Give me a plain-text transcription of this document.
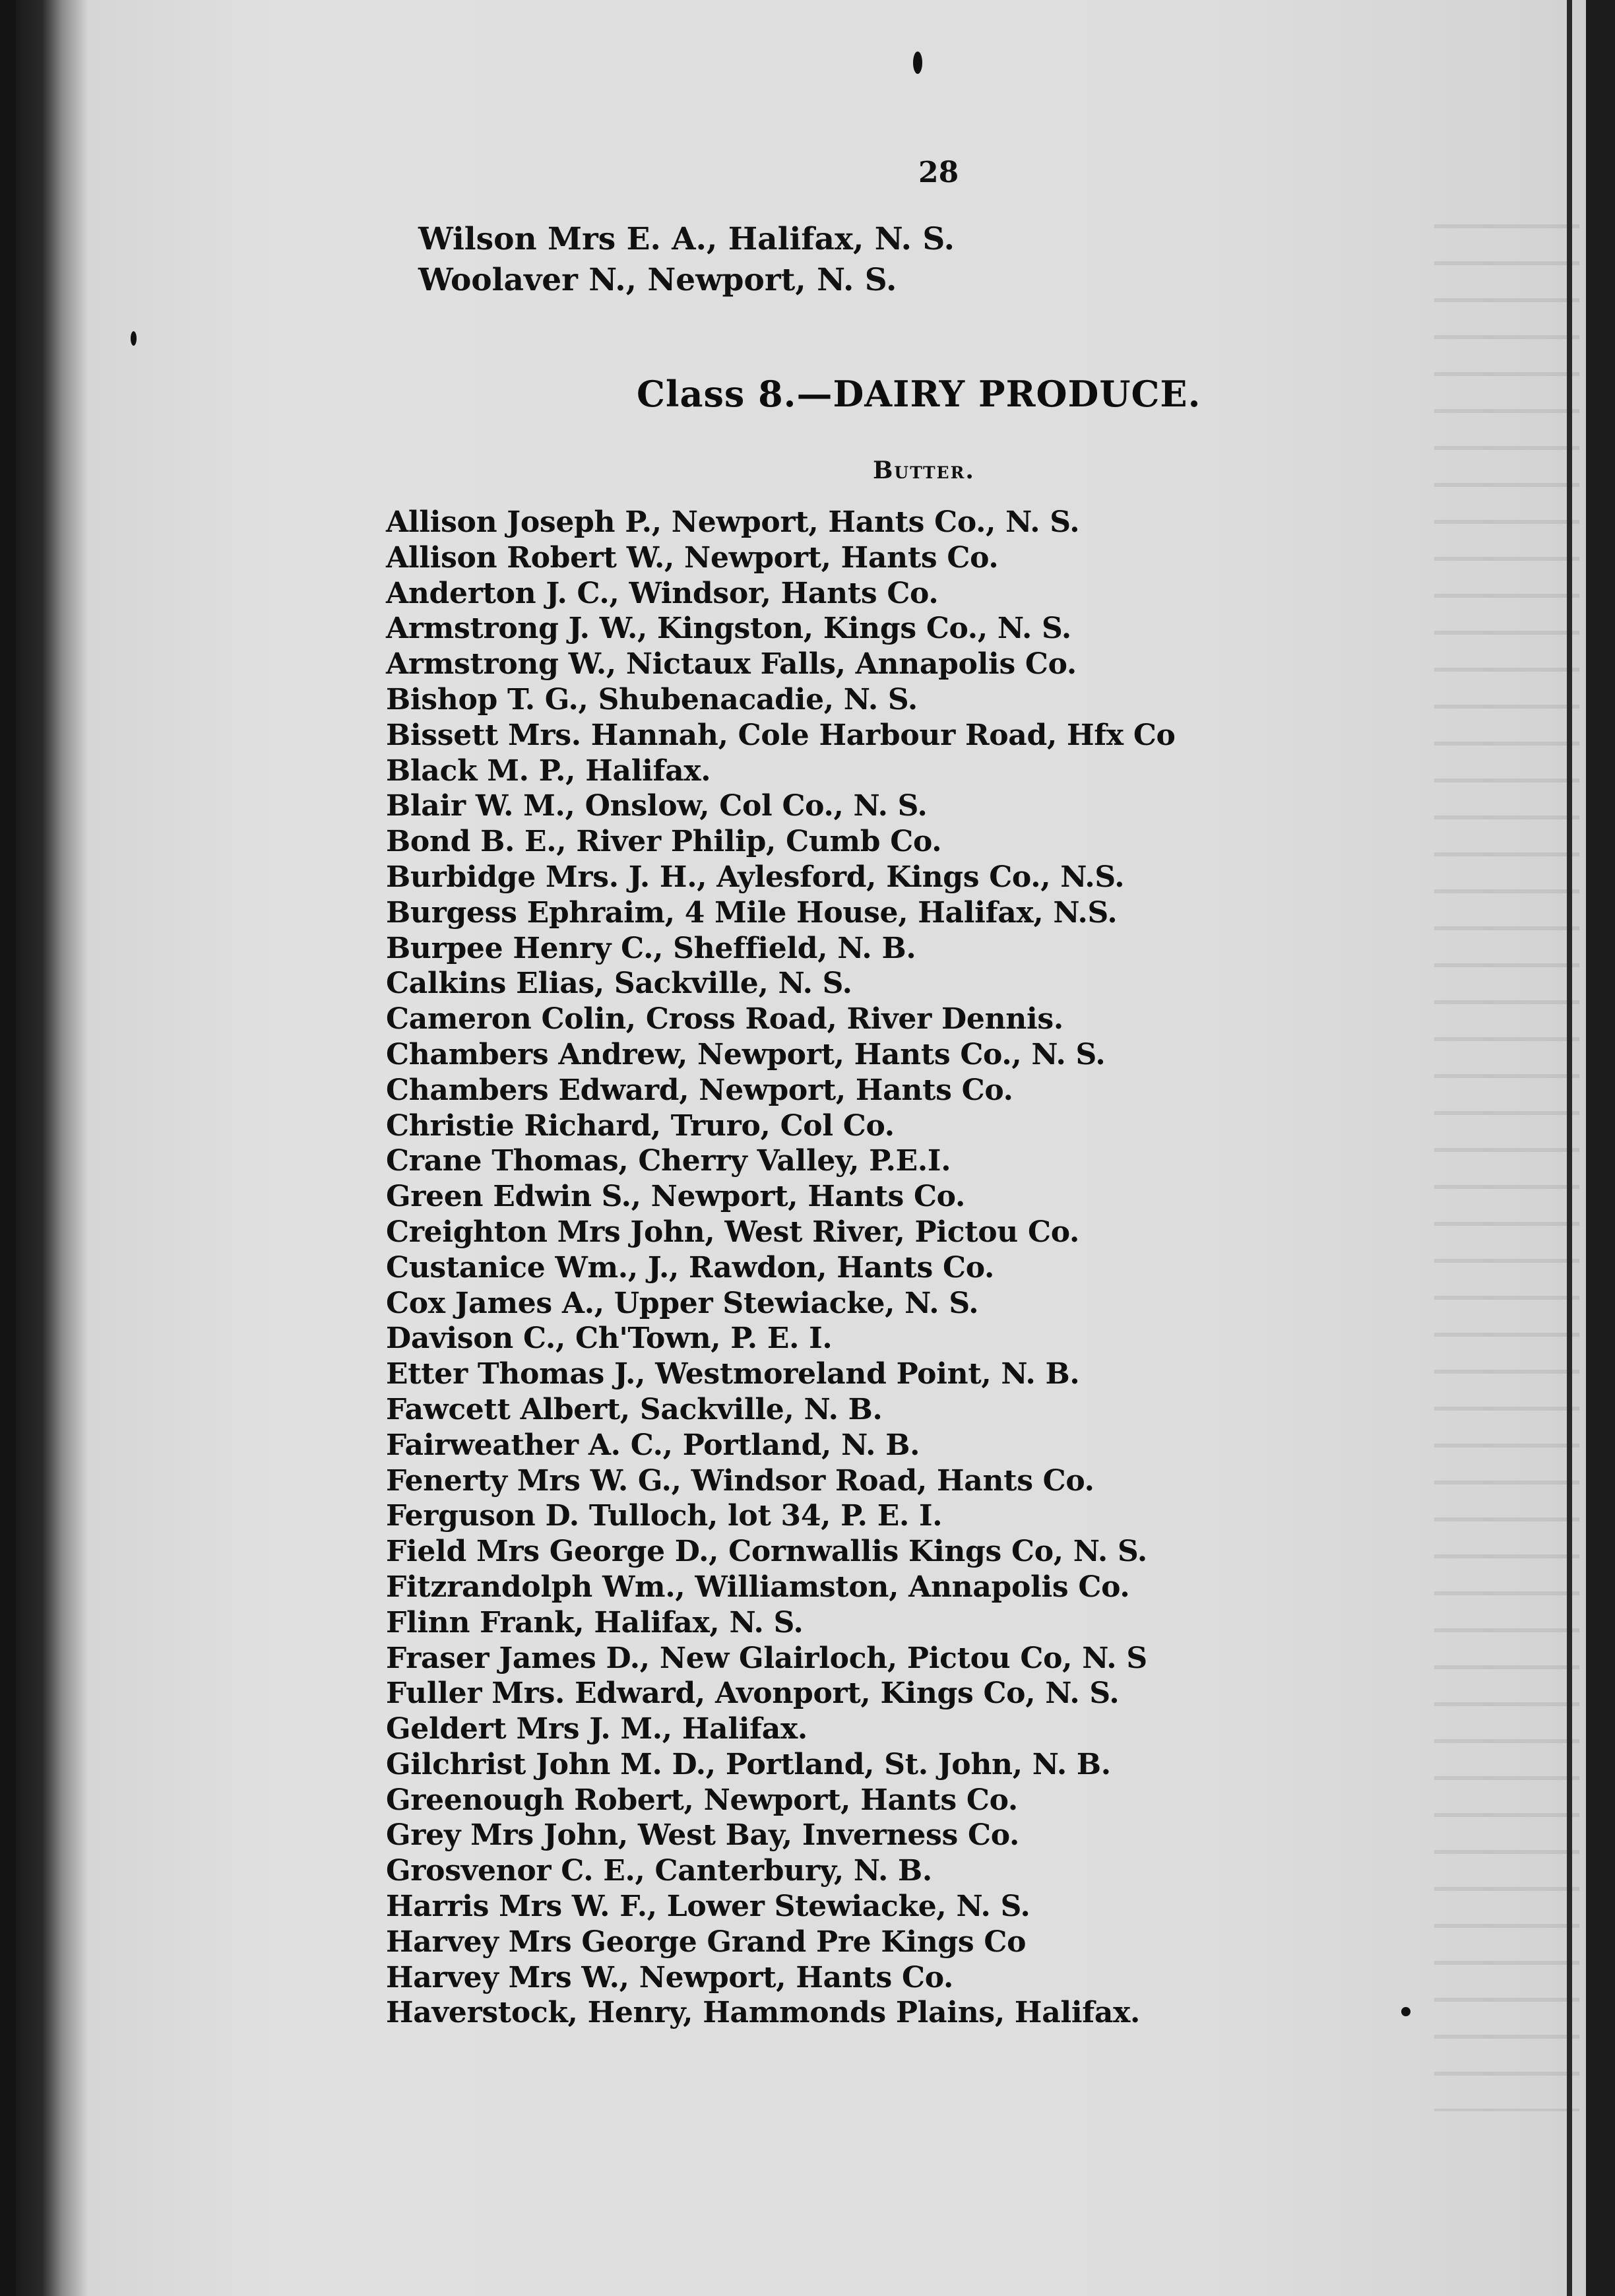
28
Wilson Mrs E. A., Halifax, N. S.
Woolaver N., Newport, N. S.
Class 8.—DAIRY PRODUCE.
Butter.
Allison Joseph P., Newport, Hants Co., N. S.
Allison Robert W., Newport, Hants Co.
Anderton J. C., Windsor, Hants Co.
Armstrong J. W., Kingston, Kings Co., N. S.
Armstrong W., Nictaux Falls, Annapolis Co.
Bishop T. G., Shubenacadie, N. S.
Bissett Mrs. Hannah, Cole Harbour Road, Hfx Co
Black M. P., Halifax.
Blair W. M., Onslow, Col Co., N. S.
Bond B. E., River Philip, Cumb Co.
Burbidge Mrs. J. H., Aylesford, Kings Co., N.S.
Burgess Ephraim, 4 Mile House, Halifax, N.S.
Burpee Henry C., Sheffield, N. B.
Calkins Elias, Sackville, N. S.
Cameron Colin, Cross Road, River Dennis.
Chambers Andrew, Newport, Hants Co., N. S.
Chambers Edward, Newport, Hants Co.
Christie Richard, Truro, Col Co.
Crane Thomas, Cherry Valley, P.E.I.
Green Edwin S., Newport, Hants Co.
Creighton Mrs John, West River, Pictou Co.
Custanice Wm., J., Rawdon, Hants Co.
Cox James A., Upper Stewiacke, N. S.
Davison C., Ch'Town, P. E. I.
Etter Thomas J., Westmoreland Point, N. B.
Fawcett Albert, Sackville, N. B.
Fairweather A. C., Portland, N. B.
Fenerty Mrs W. G., Windsor Road, Hants Co.
Ferguson D. Tulloch, lot 34, P. E. I.
Field Mrs George D., Cornwallis Kings Co, N. S.
Fitzrandolph Wm., Williamston, Annapolis Co.
Flinn Frank, Halifax, N. S.
Fraser James D., New Glairloch, Pictou Co, N. S
Fuller Mrs. Edward, Avonport, Kings Co, N. S.
Geldert Mrs J. M., Halifax.
Gilchrist John M. D., Portland, St. John, N. B.
Greenough Robert, Newport, Hants Co.
Grey Mrs John, West Bay, Inverness Co.
Grosvenor C. E., Canterbury, N. B.
Harris Mrs W. F., Lower Stewiacke, N. S.
Harvey Mrs George Grand Pre Kings Co
Harvey Mrs W., Newport, Hants Co.
Haverstock, Henry, Hammonds Plains, Halifax.
